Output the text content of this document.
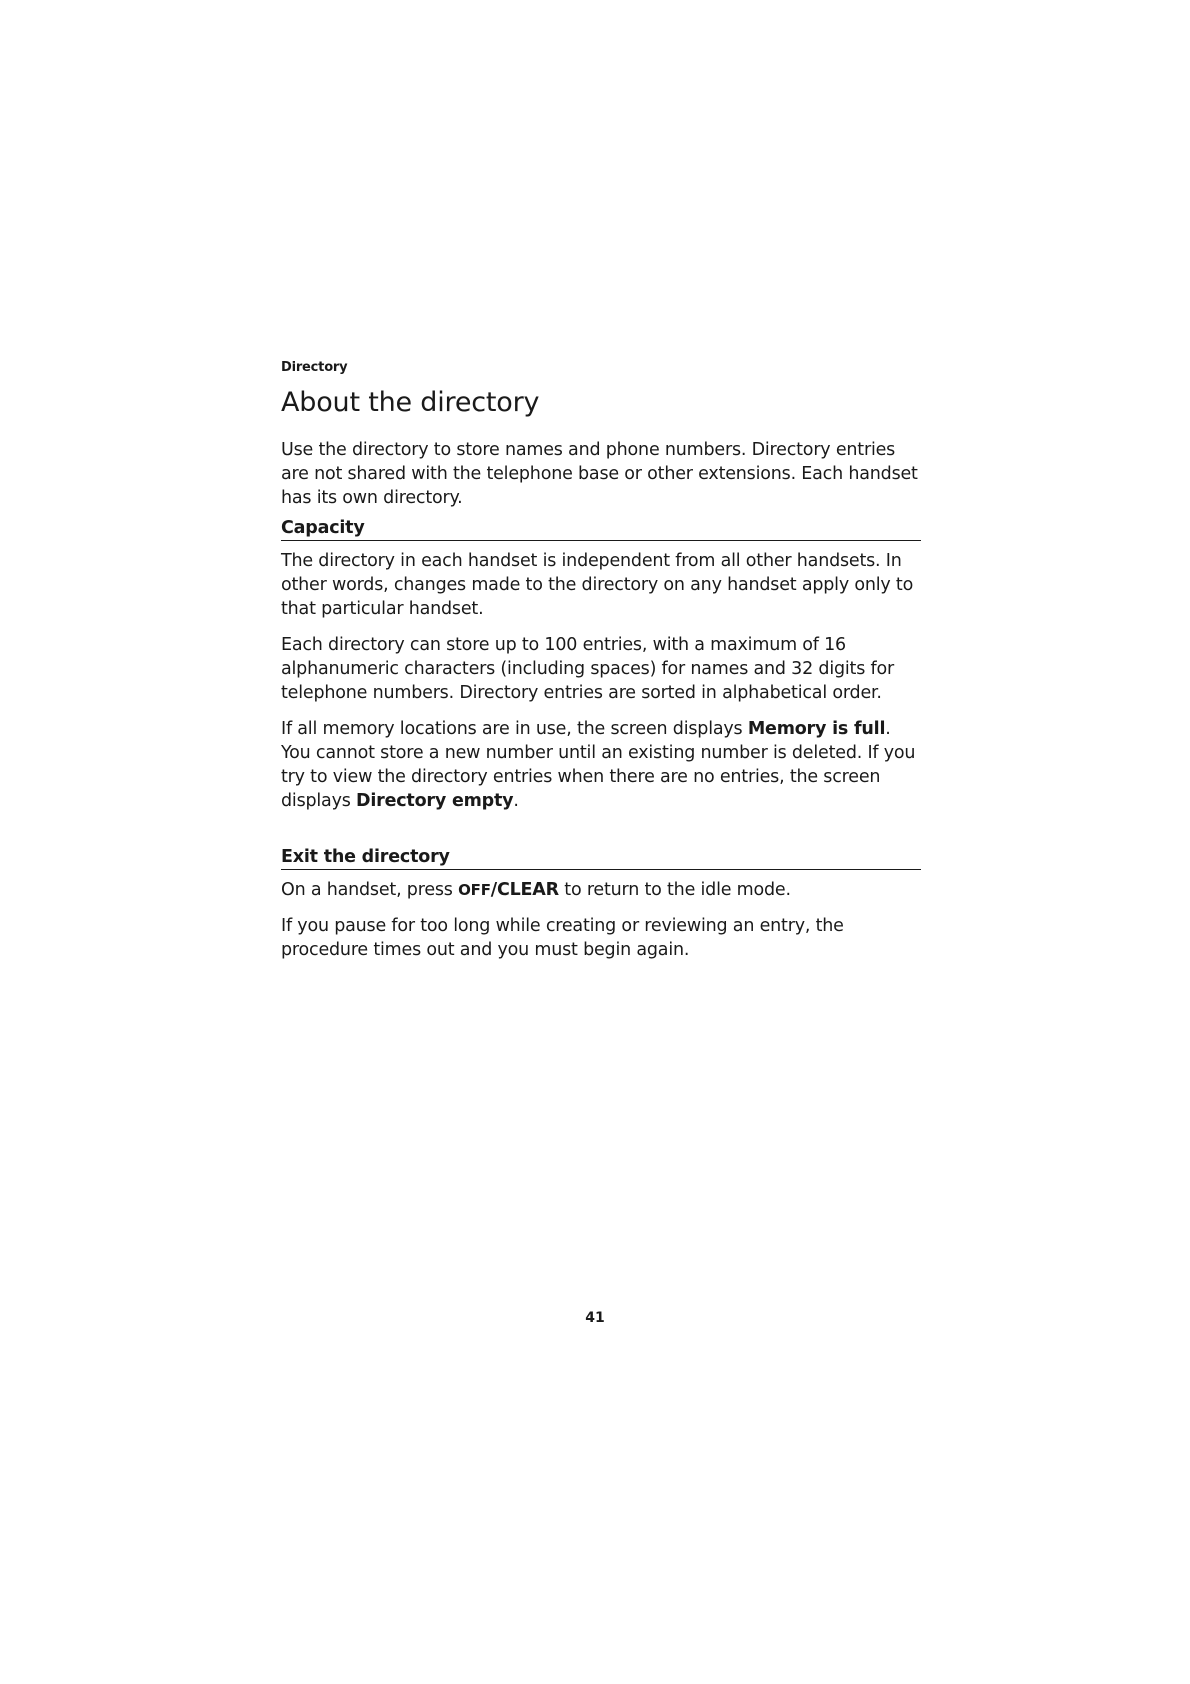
Directory
About the directory

Use the directory to store names and phone numbers. Directory entries are not shared with the telephone base or other extensions. Each handset has its own directory.

Capacity

The directory in each handset is independent from all other handsets. In other words, changes made to the directory on any handset apply only to that particular handset.

Each directory can store up to 100 entries, with a maximum of 16 alphanumeric characters (including spaces) for names and 32 digits for telephone numbers. Directory entries are sorted in alphabetical order.

If all memory locations are in use, the screen displays Memory is full. You cannot store a new number until an existing number is deleted. If you try to view the directory entries when there are no entries, the screen displays Directory empty.

Exit the directory

On a handset, press OFF/CLEAR to return to the idle mode.

If you pause for too long while creating or reviewing an entry, the procedure times out and you must begin again.

41
